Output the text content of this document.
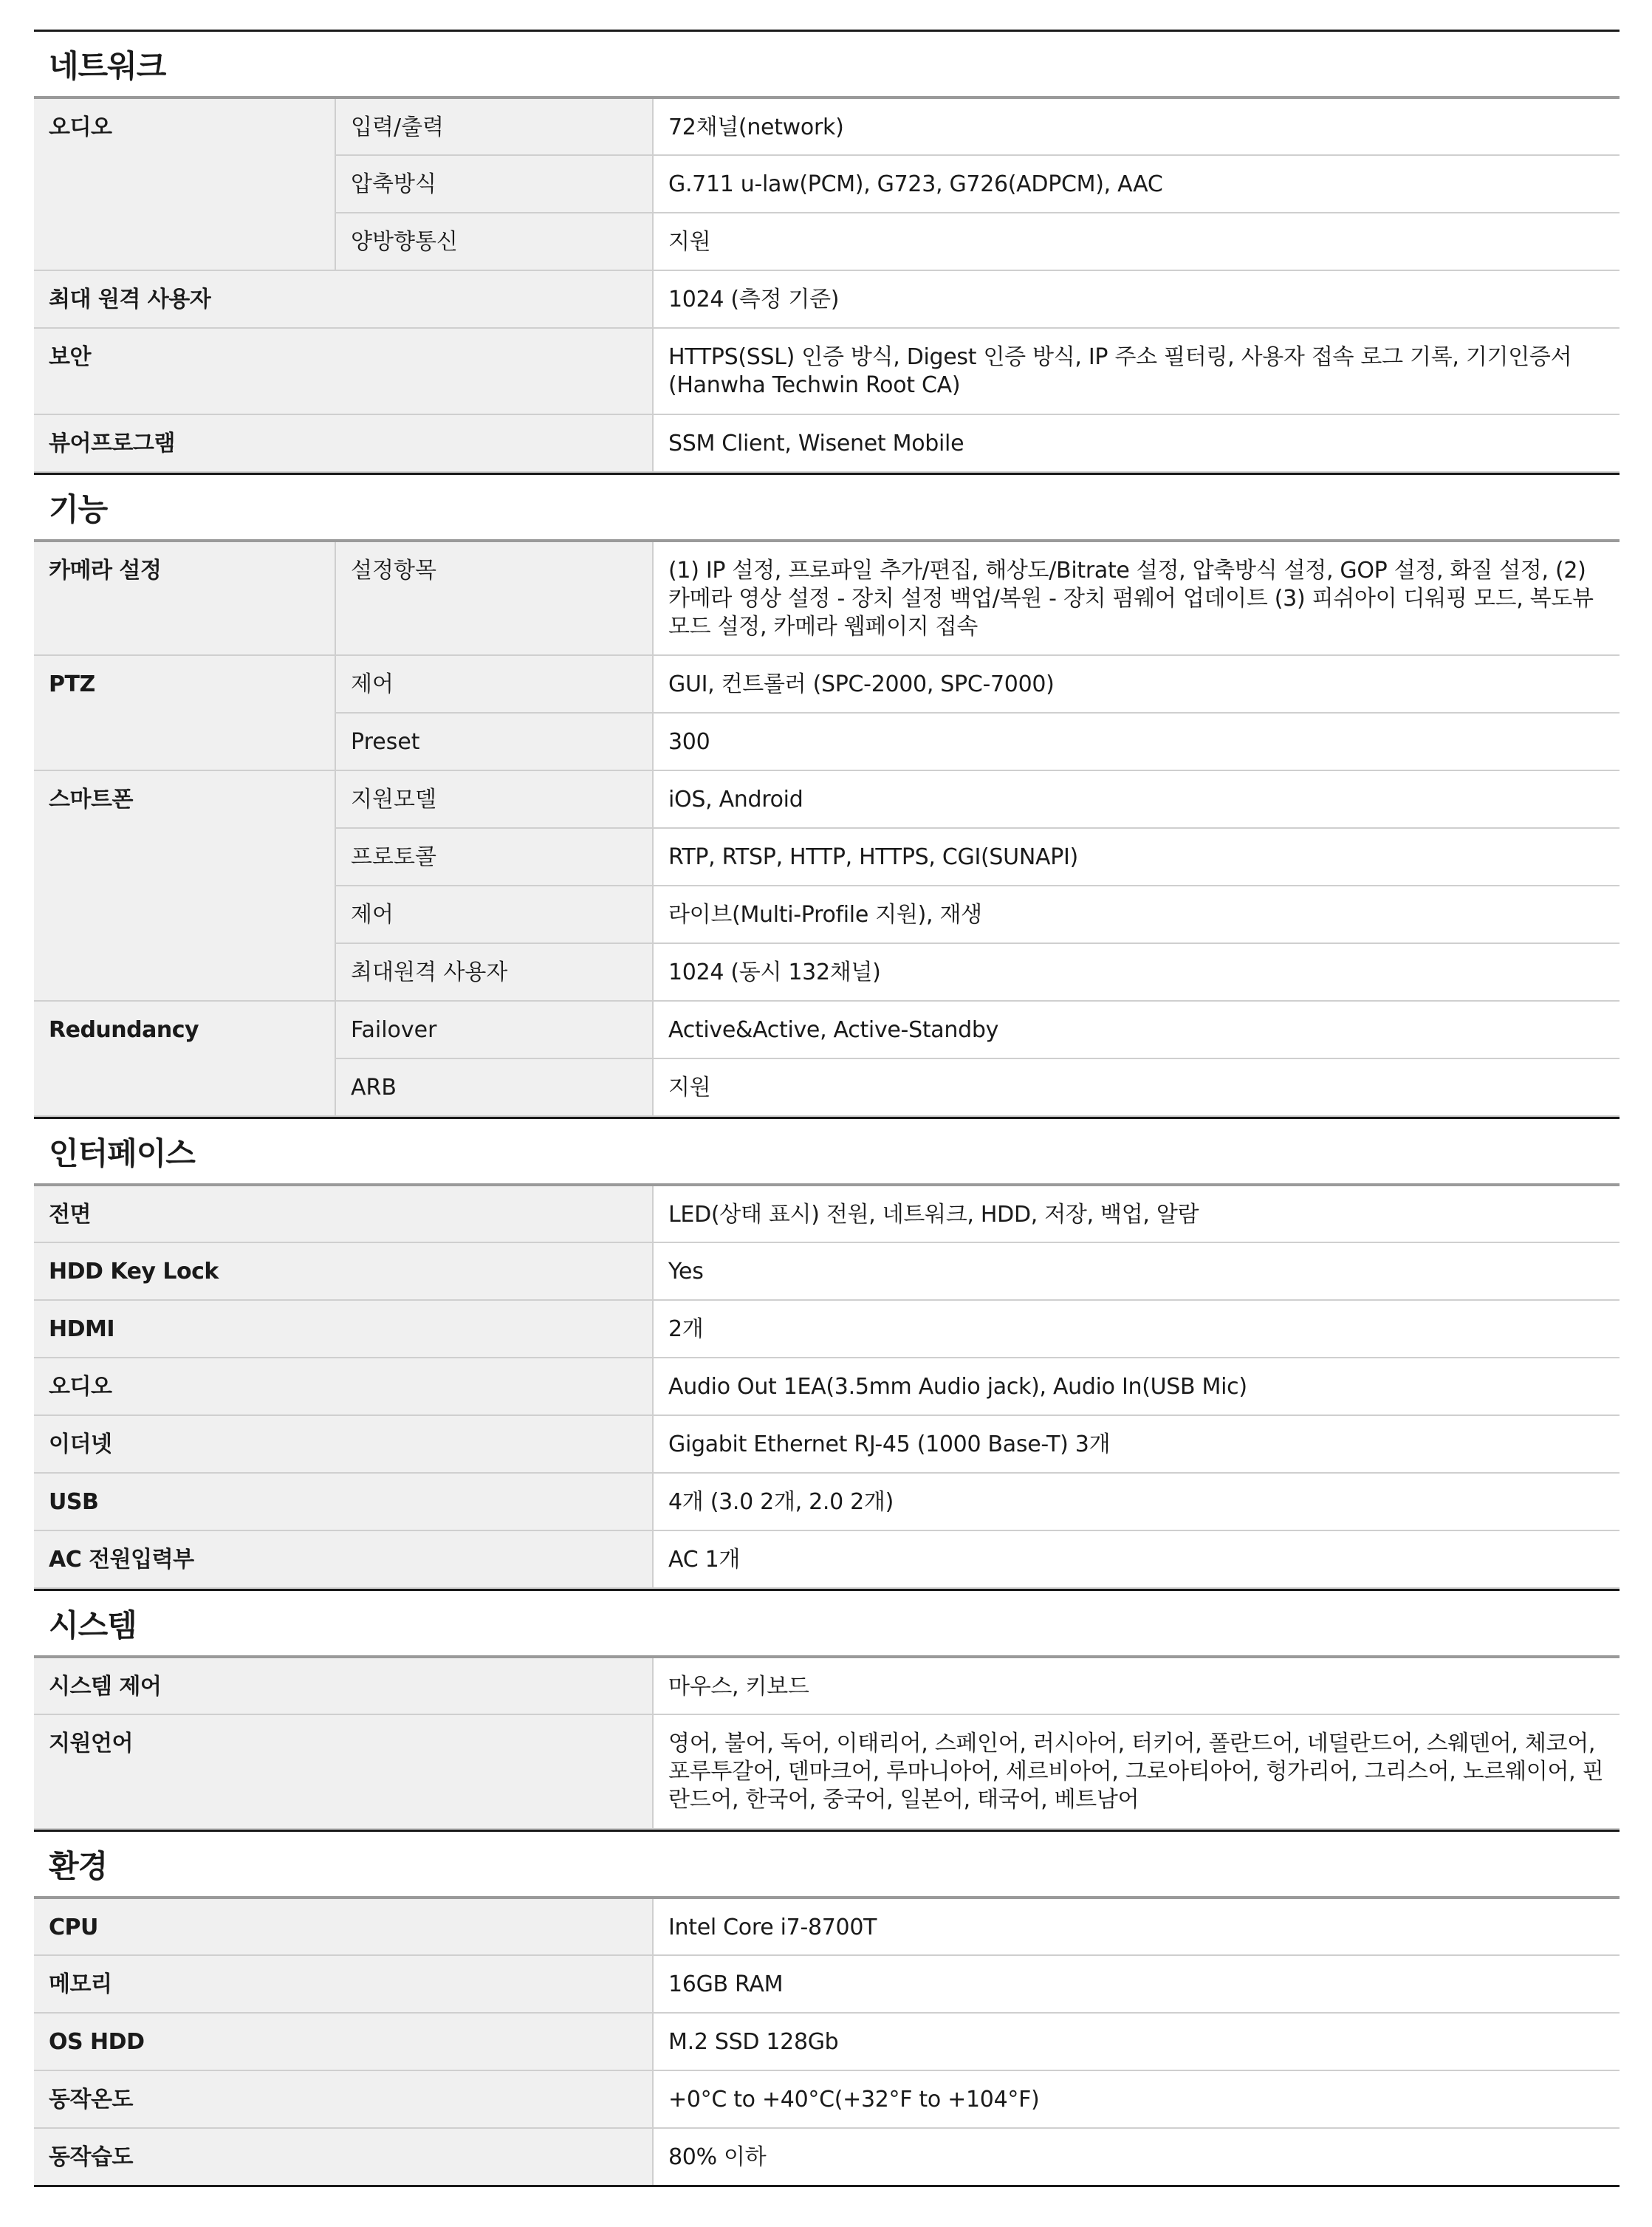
네트워크
오디오	입력/출력	72채널(network)
	압축방식	G.711 u-law(PCM), G723, G726(ADPCM), AAC
	양방향통신	지원
최대 원격 사용자		1024 (측정 기준)
보안		HTTPS(SSL) 인증 방식, Digest 인증 방식, IP 주소 필터링, 사용자 접속 로그 기록, 기기인증서 (Hanwha Techwin Root CA)
뷰어프로그램		SSM Client, Wisenet Mobile
기능
카메라 설정	설정항목	(1) IP 설정, 프로파일 추가/편집, 해상도/Bitrate 설정, 압축방식 설정, GOP 설정, 화질 설정, (2) 카메라 영상 설정 - 장치 설정 백업/복원 - 장치 펌웨어 업데이트 (3) 피쉬아이 디워핑 모드, 복도뷰 모드 설정, 카메라 웹페이지 접속
PTZ	제어	GUI, 컨트롤러 (SPC-2000, SPC-7000)
	Preset	300
스마트폰	지원모델	iOS, Android
	프로토콜	RTP, RTSP, HTTP, HTTPS, CGI(SUNAPI)
	제어	라이브(Multi-Profile 지원), 재생
	최대원격 사용자	1024 (동시 132채널)
Redundancy	Failover	Active&Active, Active-Standby
	ARB	지원
인터페이스
전면	LED(상태 표시) 전원, 네트워크, HDD, 저장, 백업, 알람
HDD Key Lock	Yes
HDMI	2개
오디오	Audio Out 1EA(3.5mm Audio jack), Audio In(USB Mic)
이더넷	Gigabit Ethernet RJ-45 (1000 Base-T) 3개
USB	4개 (3.0 2개, 2.0 2개)
AC 전원입력부	AC 1개
시스템
시스템 제어	마우스, 키보드
지원언어	영어, 불어, 독어, 이태리어, 스페인어, 러시아어, 터키어, 폴란드어, 네덜란드어, 스웨덴어, 체코어, 포루투갈어, 덴마크어, 루마니아어, 세르비아어, 그로아티아어, 헝가리어, 그리스어, 노르웨이어, 핀란드어, 한국어, 중국어, 일본어, 태국어, 베트남어
환경
CPU	Intel Core i7-8700T
메모리	16GB RAM
OS HDD	M.2 SSD 128Gb
동작온도	+0°C to +40°C(+32°F to +104°F)
동작습도	80% 이하
